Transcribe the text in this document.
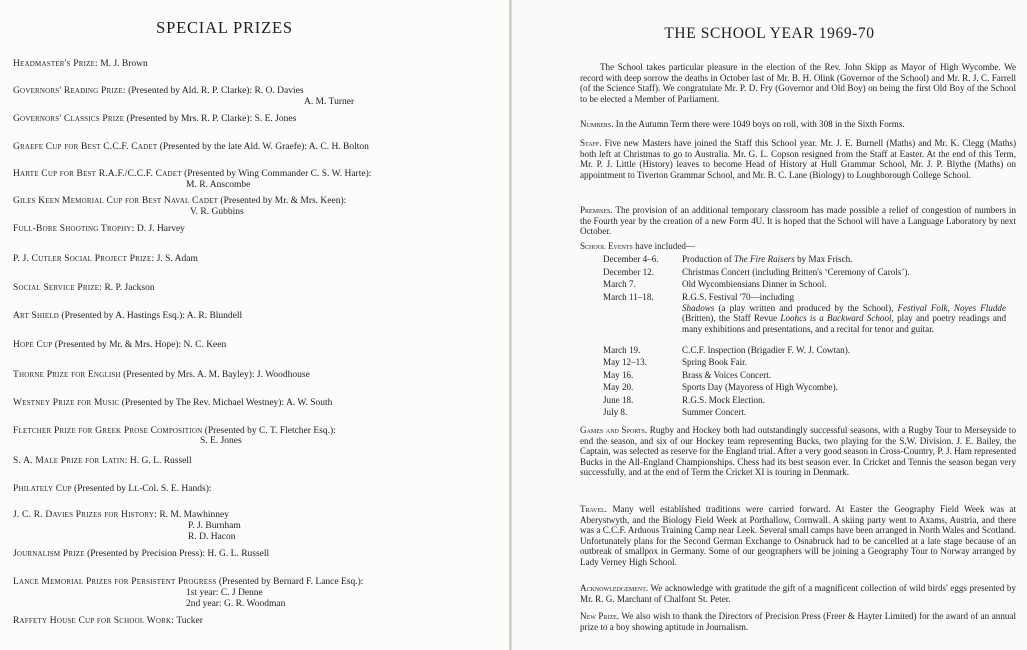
SPECIAL PRIZES
Headmaster's Prize: M. J. Brown
Governors' Reading Prize: (Presented by Ald. R. P. Clarke): R. O. Davies
A. M. Turner
Governors' Classics Prize (Presented by Mrs. R. P. Clarke): S. E. Jones
Graefe Cup for Best C.C.F. Cadet (Presented by the late Ald. W. Graefe): A. C. H. Bolton
Harte Cup for Best R.A.F./C.C.F. Cadet (Presented by Wing Commander C. S. W. Harte):
M. R. Anscombe
Giles Keen Memorial Cup for Best Naval Cadet (Presented by Mr. & Mrs. Keen):
V. R. Gubbins
Full-Bore Shooting Trophy: D. J. Harvey
P. J. Cutler Social Project Prize: J. S. Adam
Social Service Prize: R. P. Jackson
Art Shield (Presented by A. Hastings Esq.): A. R. Blundell
Hope Cup (Presented by Mr. & Mrs. Hope): N. C. Keen
Thorne Prize for English (Presented by Mrs. A. M. Bayley): J. Woodhouse
Westney Prize for Music (Presented by The Rev. Michael Westney): A. W. South
Fletcher Prize for Greek Prose Composition (Presented by C. T. Fletcher Esq.):
S. E. Jones
S. A. Male Prize for Latin: H. G. L. Russell
Philately Cup (Presented by Lt.-Col. S. E. Hands):
J. C. R. Davies Prizes for History: R. M. Mawhinney
P. J. Burnham
R. D. Hacon
Journalism Prize (Presented by Precision Press): H. G. L. Russell
Lance Memorial Prizes for Persistent Progress (Presented by Bernard F. Lance Esq.):
1st year: C. J Denne
2nd year: G. R. Woodman
Raffety House Cup for School Work: Tucker
THE SCHOOL YEAR 1969-70
The School takes particular pleasure in the election of the Rev. John Skipp as Mayor of High Wycombe. We record with deep sorrow the deaths in October last of Mr. B. H. Olink (Governor of the School) and Mr. R. J. C. Farrell (of the Science Staff). We congratulate Mr. P. D. Fry (Governor and Old Boy) on being the first Old Boy of the School to be elected a Member of Parliament.
Numbers. In the Autumn Term there were 1049 boys on roll, with 308 in the Sixth Forms.
Staff. Five new Masters have joined the Staff this School year. Mr. J. E. Burnell (Maths) and Mr. K. Clegg (Maths) both left at Christmas to go to Australia. Mr. G. L. Copson resigned from the Staff at Easter. At the end of this Term, Mr. P. J. Little (History) leaves to become Head of History at Hull Grammar School, Mr. J. P. Blythe (Maths) on appointment to Tiverton Grammar School, and Mr. B. C. Lane (Biology) to Loughborough College School.
Premises. The provision of an additional temporary classroom has made possible a relief of congestion of numbers in the Fourth year by the creation of a new Form 4U. It is hoped that the School will have a Language Laboratory by next October.
School Events have included—
December 4–6.	Production of The Fire Raisers by Max Frisch.
December 12.	Christmas Concert (including Britten's ‘Ceremony of Carols’).
March 7.	Old Wycombiensians Dinner in School.
March 11–18.	R.G.S. Festival '70—including
Shadows (a play written and produced by the School), Festival Folk, Noyes Fludde (Britten), the Staff Revue Loohcs is a Backward School, play and poetry readings and many exhibitions and presentations, and a recital for tenor and guitar.
March 19.	C.C.F. Inspection (Brigadier F. W. J. Cowtan).
May 12–13.	Spring Book Fair.
May 16.	Brass & Voices Concert.
May 20.	Sports Day (Mayoress of High Wycombe).
June 18.	R.G.S. Mock Election.
July 8.	Summer Concert.
Games and Sports. Rugby and Hockey both had outstandingly successful seasons, with a Rugby Tour to Merseyside to end the season, and six of our Hockey team representing Bucks, two playing for the S.W. Division. J. E. Bailey, the Captain, was selected as reserve for the England trial. After a very good season in Cross-Country, P. J. Ham represented Bucks in the All-England Championships. Chess had its best season ever. In Cricket and Tennis the season began very successfully, and at the end of Term the Cricket XI is touring in Denmark.
Travel. Many well established traditions were carried forward. At Easter the Geography Field Week was at Aberystwyth, and the Biology Field Week at Porthallow, Cornwall. A skiing party went to Axams, Austria, and there was a C.C.F. Arduous Training Camp near Leek. Several small camps have been arranged in North Wales and Scotland. Unfortunately plans for the Second German Exchange to Osnabruck had to be cancelled at a late stage because of an outbreak of smallpox in Germany. Some of our geographers will be joining a Geography Tour to Norway arranged by Lady Verney High School.
Acknowledgement. We acknowledge with gratitude the gift of a magnificent collection of wild birds' eggs presented by Mr. R. G. Marchant of Chalfont St. Peter.
New Prize. We also wish to thank the Directors of Precision Press (Freer & Hayter Limited) for the award of an annual prize to a boy showing aptitude in Journalism.
